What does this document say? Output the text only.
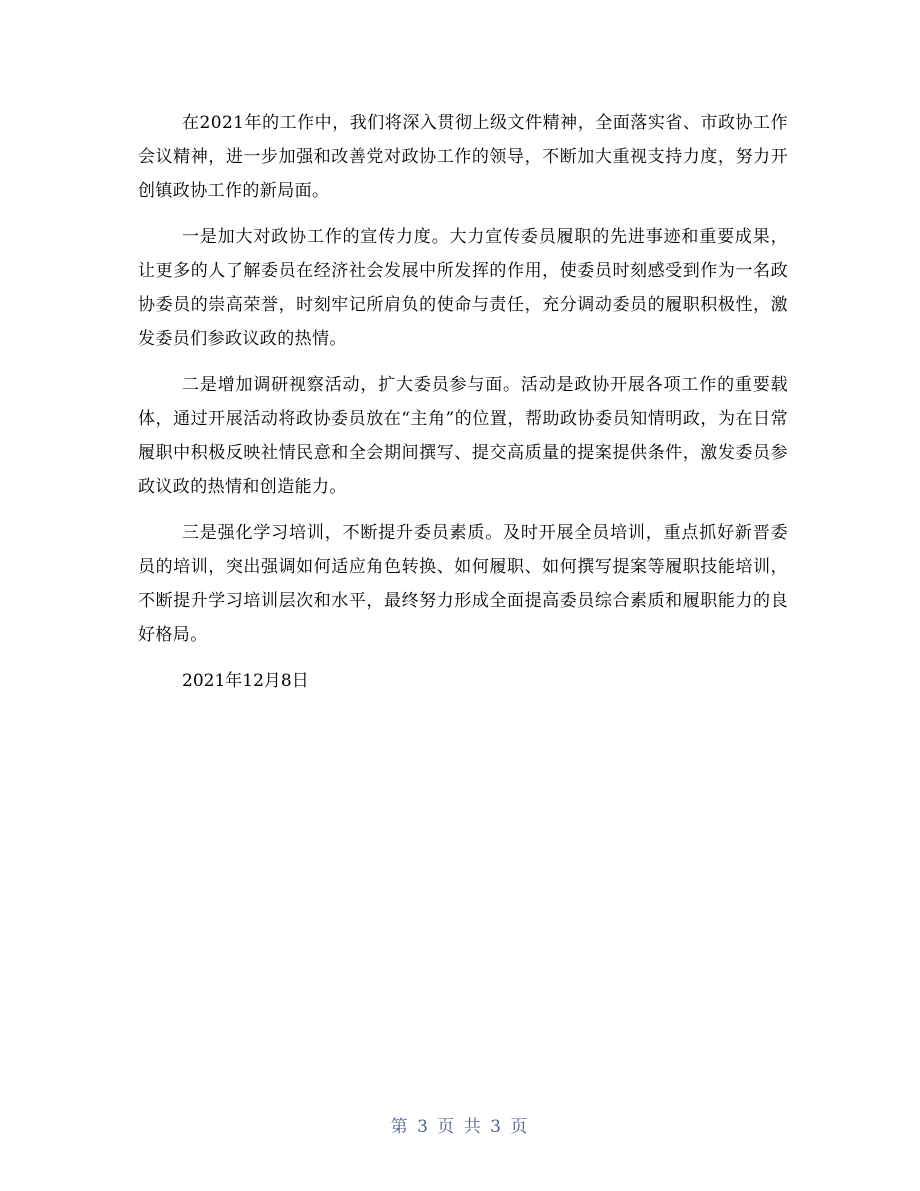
在2021年的工作中，我们将深入贯彻上级文件精神，全面落实省、市政协工作会议精神，进一步加强和改善党对政协工作的领导，不断加大重视支持力度，努力开创镇政协工作的新局面。

一是加大对政协工作的宣传力度。大力宣传委员履职的先进事迹和重要成果，让更多的人了解委员在经济社会发展中所发挥的作用，使委员时刻感受到作为一名政协委员的崇高荣誉，时刻牢记所肩负的使命与责任，充分调动委员的履职积极性，激发委员们参政议政的热情。

二是增加调研视察活动，扩大委员参与面。活动是政协开展各项工作的重要载体，通过开展活动将政协委员放在“主角”的位置，帮助政协委员知情明政，为在日常履职中积极反映社情民意和全会期间撰写、提交高质量的提案提供条件，激发委员参政议政的热情和创造能力。

三是强化学习培训，不断提升委员素质。及时开展全员培训，重点抓好新晋委员的培训，突出强调如何适应角色转换、如何履职、如何撰写提案等履职技能培训，不断提升学习培训层次和水平，最终努力形成全面提高委员综合素质和履职能力的良好格局。

2021年12月8日

第 3 页 共 3 页
